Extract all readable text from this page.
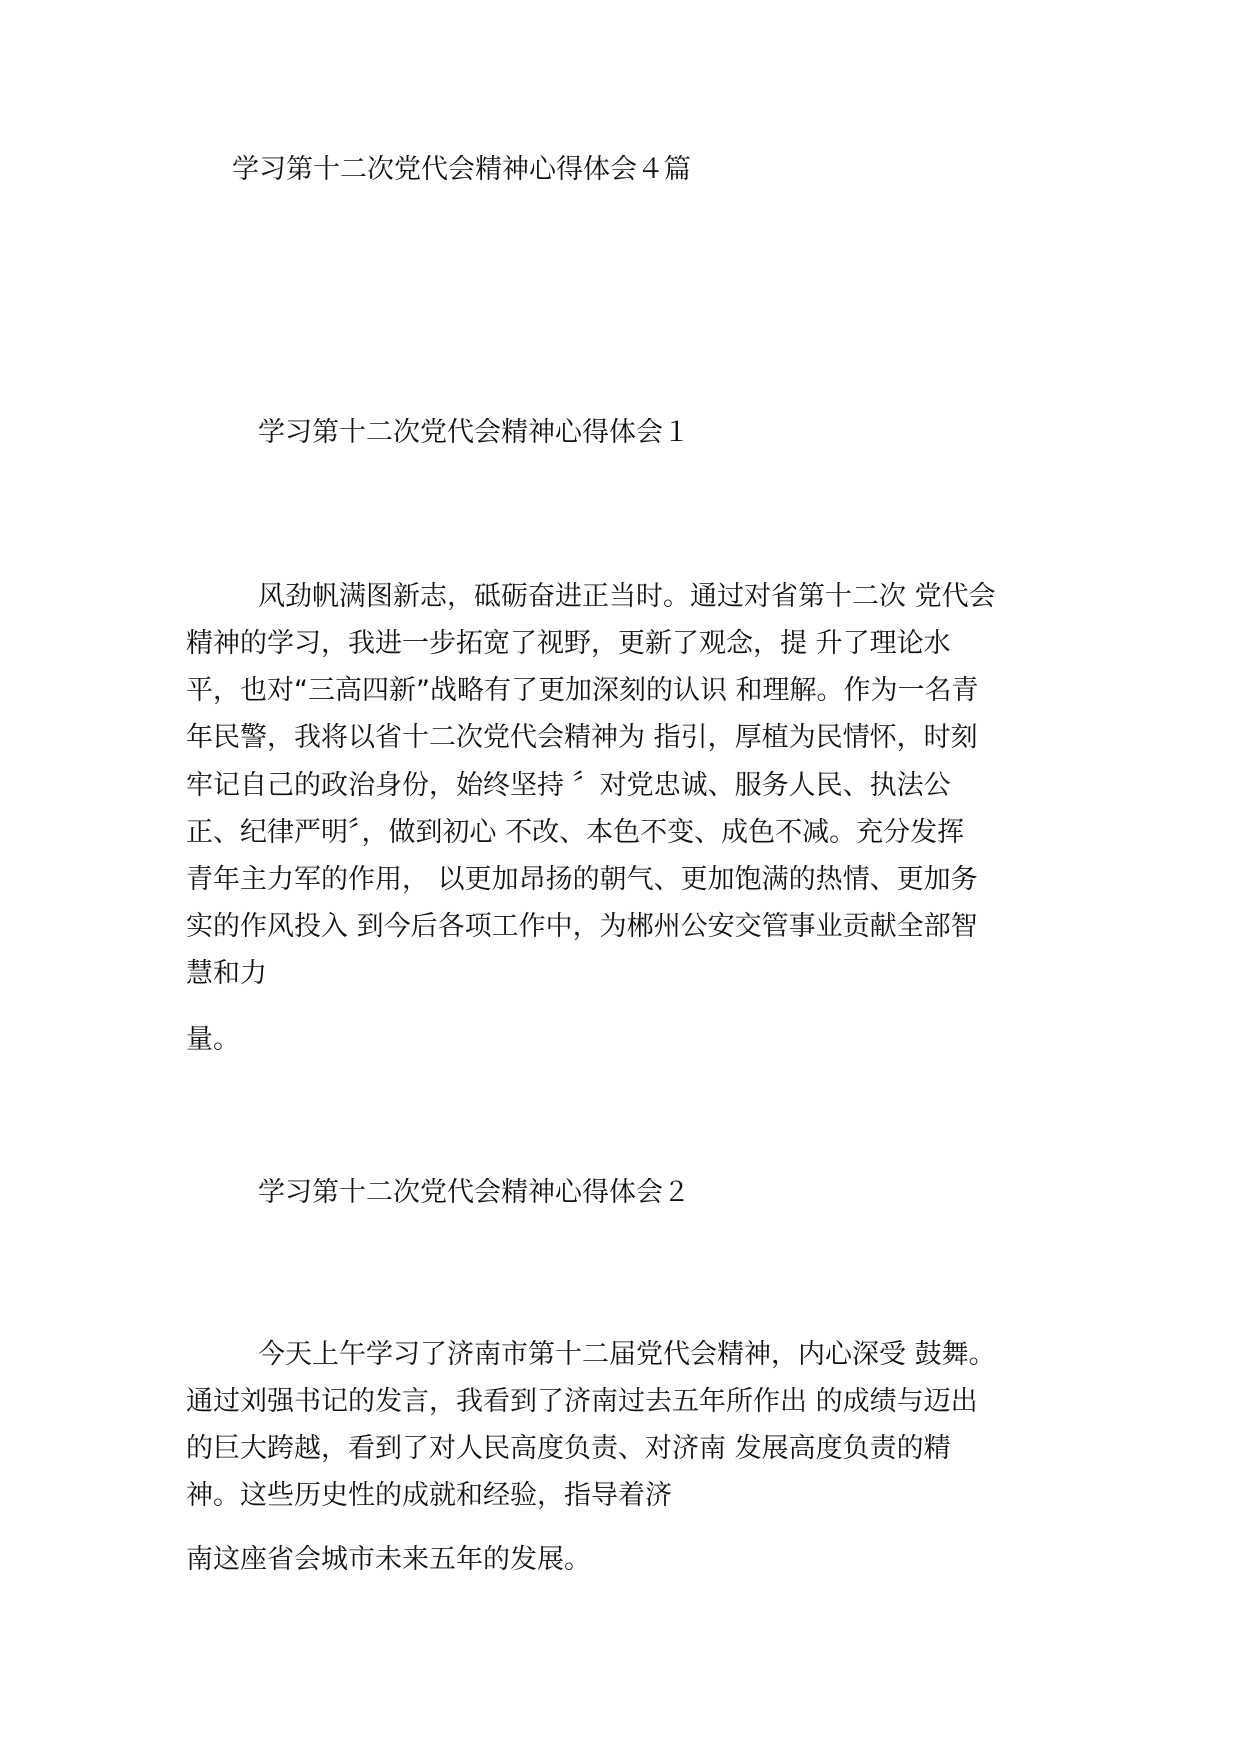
学习第十二次党代会精神心得体会４篇
学习第十二次党代会精神心得体会１
风劲帆满图新志，砥砺奋进正当时。通过对省第十二次 党代会
精神的学习，我进一步拓宽了视野，更新了观念，提 升了理论水
平，也对“三高四新”战略有了更加深刻的认识 和理解。作为一名青
年民警，我将以省十二次党代会精神为 指引，厚植为民情怀，时刻
牢记自己的政治身份，始终坚持 〞对党忠诚、服务人民、执法公
正、纪律严明〞，做到初心 不改、本色不变、成色不减。充分发挥
青年主力军的作用， 以更加昂扬的朝气、更加饱满的热情、更加务
实的作风投入 到今后各项工作中，为郴州公安交管事业贡献全部智
慧和力
量。
学习第十二次党代会精神心得体会２
今天上午学习了济南市第十二届党代会精神，内心深受 鼓舞。
通过刘强书记的发言，我看到了济南过去五年所作出 的成绩与迈出
的巨大跨越，看到了对人民高度负责、对济南 发展高度负责的精
神。这些历史性的成就和经验，指导着济
南这座省会城市未来五年的发展。
